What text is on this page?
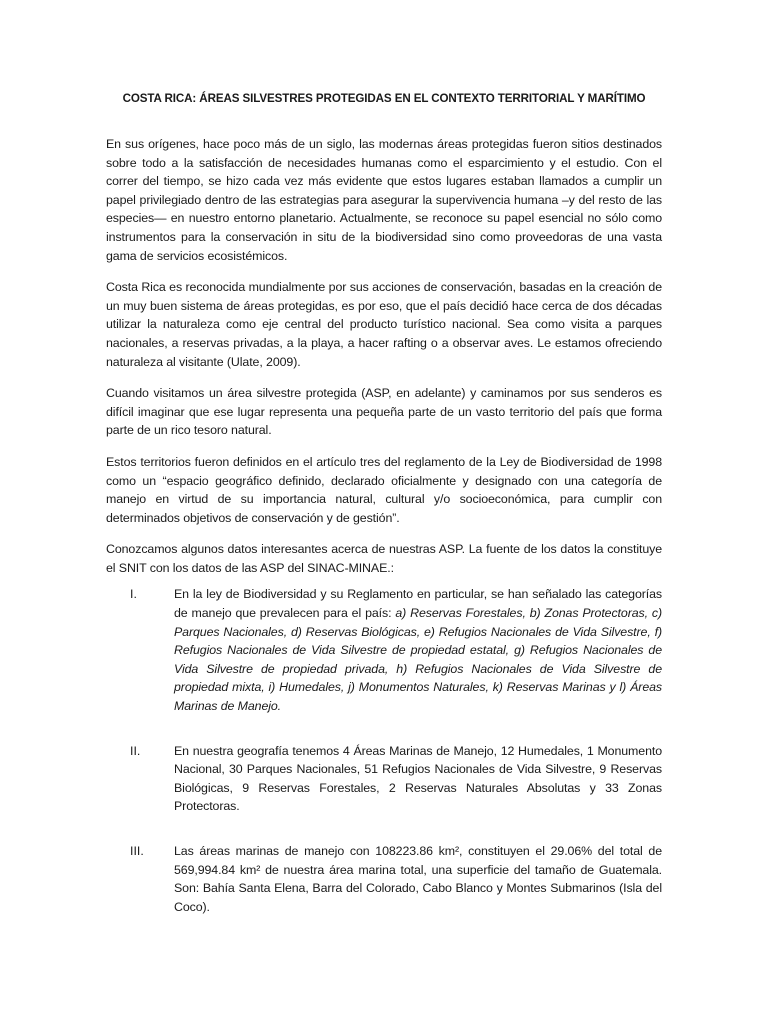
COSTA RICA: ÁREAS SILVESTRES PROTEGIDAS EN EL CONTEXTO TERRITORIAL Y MARÍTIMO

En sus orígenes, hace poco más de un siglo, las modernas áreas protegidas fueron sitios destinados sobre todo a la satisfacción de necesidades humanas como el esparcimiento y el estudio. Con el correr del tiempo, se hizo cada vez más evidente que estos lugares estaban llamados a cumplir un papel privilegiado dentro de las estrategias para asegurar la supervivencia humana –y del resto de las especies— en nuestro entorno planetario. Actualmente, se reconoce su papel esencial no sólo como instrumentos para la conservación in situ de la biodiversidad sino como proveedoras de una vasta gama de servicios ecosistémicos.

Costa Rica es reconocida mundialmente por sus acciones de conservación, basadas en la creación de un muy buen sistema de áreas protegidas, es por eso, que el país decidió hace cerca de dos décadas utilizar la naturaleza como eje central del producto turístico nacional. Sea como visita a parques nacionales, a reservas privadas, a la playa, a hacer rafting o a observar aves. Le estamos ofreciendo naturaleza al visitante (Ulate, 2009).

Cuando visitamos un área silvestre protegida (ASP, en adelante) y caminamos por sus senderos es difícil imaginar que ese lugar representa una pequeña parte de un vasto territorio del país que forma parte de un rico tesoro natural.

Estos territorios fueron definidos en el artículo tres del reglamento de la Ley de Biodiversidad de 1998 como un “espacio geográfico definido, declarado oficialmente y designado con una categoría de manejo en virtud de su importancia natural, cultural y/o socioeconómica, para cumplir con determinados objetivos de conservación y de gestión”.

Conozcamos algunos datos interesantes acerca de nuestras ASP. La fuente de los datos la constituye el SNIT con los datos de las ASP del SINAC-MINAE.:

I.	En la ley de Biodiversidad y su Reglamento en particular, se han señalado las categorías de manejo que prevalecen para el país: a) Reservas Forestales, b) Zonas Protectoras, c) Parques Nacionales, d) Reservas Biológicas, e) Refugios Nacionales de Vida Silvestre, f) Refugios Nacionales de Vida Silvestre de propiedad estatal, g) Refugios Nacionales de Vida Silvestre de propiedad privada, h) Refugios Nacionales de Vida Silvestre de propiedad mixta, i) Humedales, j) Monumentos Naturales, k) Reservas Marinas y l) Áreas Marinas de Manejo.
II.	En nuestra geografía tenemos 4 Áreas Marinas de Manejo, 12 Humedales, 1 Monumento Nacional, 30 Parques Nacionales, 51 Refugios Nacionales de Vida Silvestre, 9 Reservas Biológicas, 9 Reservas Forestales, 2 Reservas Naturales Absolutas y 33 Zonas Protectoras.
III.	Las áreas marinas de manejo con 108223.86 km², constituyen el 29.06% del total de 569,994.84 km² de nuestra área marina total, una superficie del tamaño de Guatemala. Son: Bahía Santa Elena, Barra del Colorado, Cabo Blanco y Montes Submarinos (Isla del Coco).
